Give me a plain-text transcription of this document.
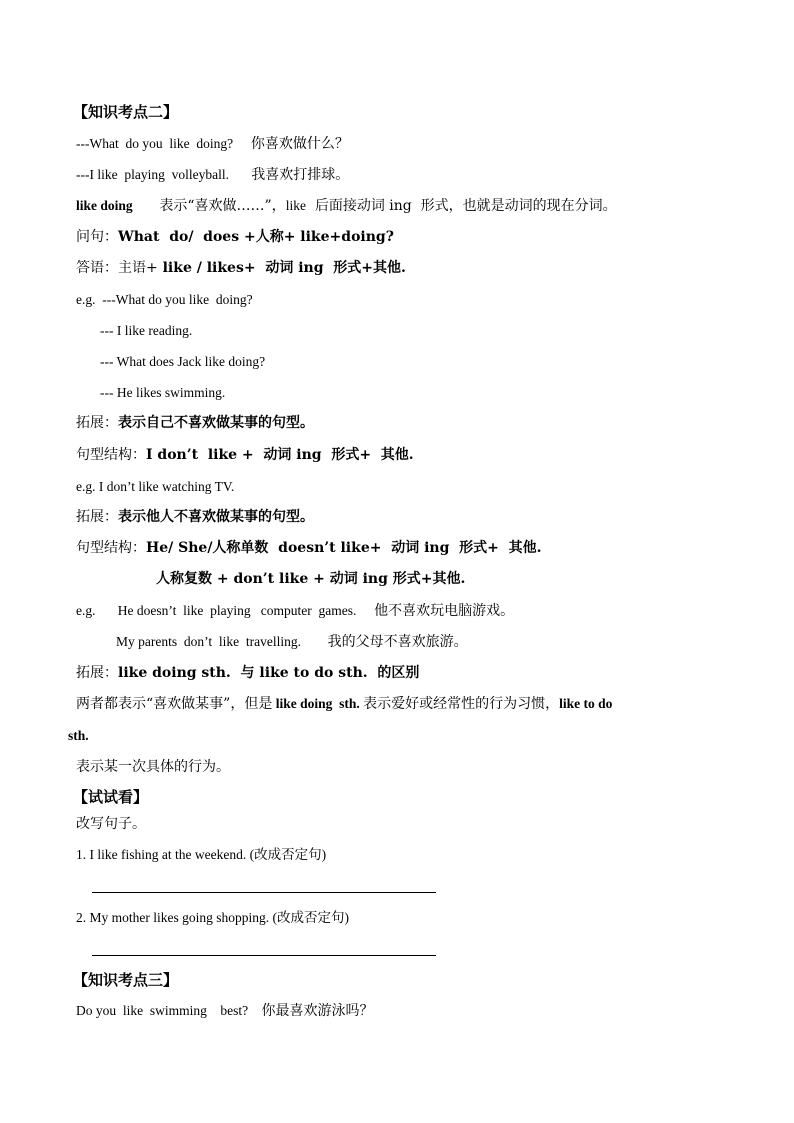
【知识考点二】
---What  do you  like  doing? 你喜欢做什么？
---I like  playing  volleyball. 我喜欢打排球。
like doing 表示“喜欢做……”，like 后面接动词 ing  形式，也就是动词的现在分词。
问句：What  do/  does +人称+ like+doing?
答语：主语+ like / likes+  动词 ing  形式+其他.
e.g. ---What do you like  doing?
--- I like reading.
--- What does Jack like doing?
--- He likes swimming.
拓展：表示自己不喜欢做某事的句型。
句型结构：I don’t  like +  动词 ing  形式+  其他.
e.g. I don’t like watching TV.
拓展：表示他人不喜欢做某事的句型。
句型结构：He/ She/人称单数  doesn’t like+  动词 ing  形式+  其他.
人称复数 + don’t like + 动词 ing 形式+其他.
e.g. He doesn’t  like  playing   computer  games. 他不喜欢玩电脑游戏。
My parents  don’t  like  travelling. 我的父母不喜欢旅游。
拓展：like doing sth.  与 like to do sth.  的区别
两者都表示“喜欢做某事”，但是 like doing  sth. 表示爱好或经常性的行为习惯，like to do
sth.
表示某一次具体的行为。
【试试看】
改写句子。
1. I like fishing at the weekend. (改成否定句)
2. My mother likes going shopping. (改成否定句)
【知识考点三】
Do you  like  swimming    best? 你最喜欢游泳吗？
